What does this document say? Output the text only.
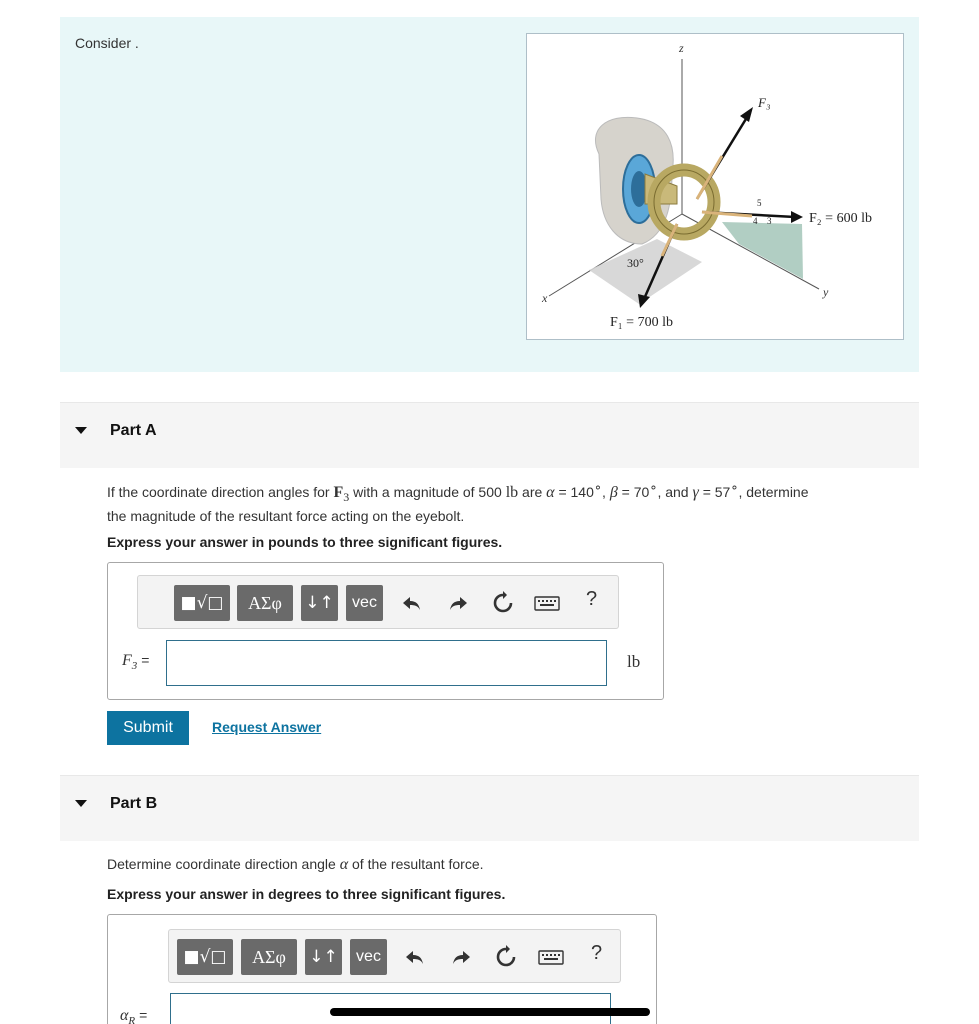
Consider .	z
x	y
F₃
F₂ = 600 lb
F₁ = 700 lb
30°
5
4 3
Part A
If the coordinate direction angles for $F_3$ with a magnitude of 500 lb are α = 140∘, β = 70∘, and γ = 57∘, determine
the magnitude of the resultant force acting on the eyebolt.
Express your answer in pounds to three significant figures.
■√□	ΑΣφ	↓↑	vec	?
$F_3$ =	lb
Submit	Request Answer
Part B
Determine coordinate direction angle α of the resultant force.
Express your answer in degrees to three significant figures.
■√□	ΑΣφ	↓↑	vec	?
$\alpha_R$ =
